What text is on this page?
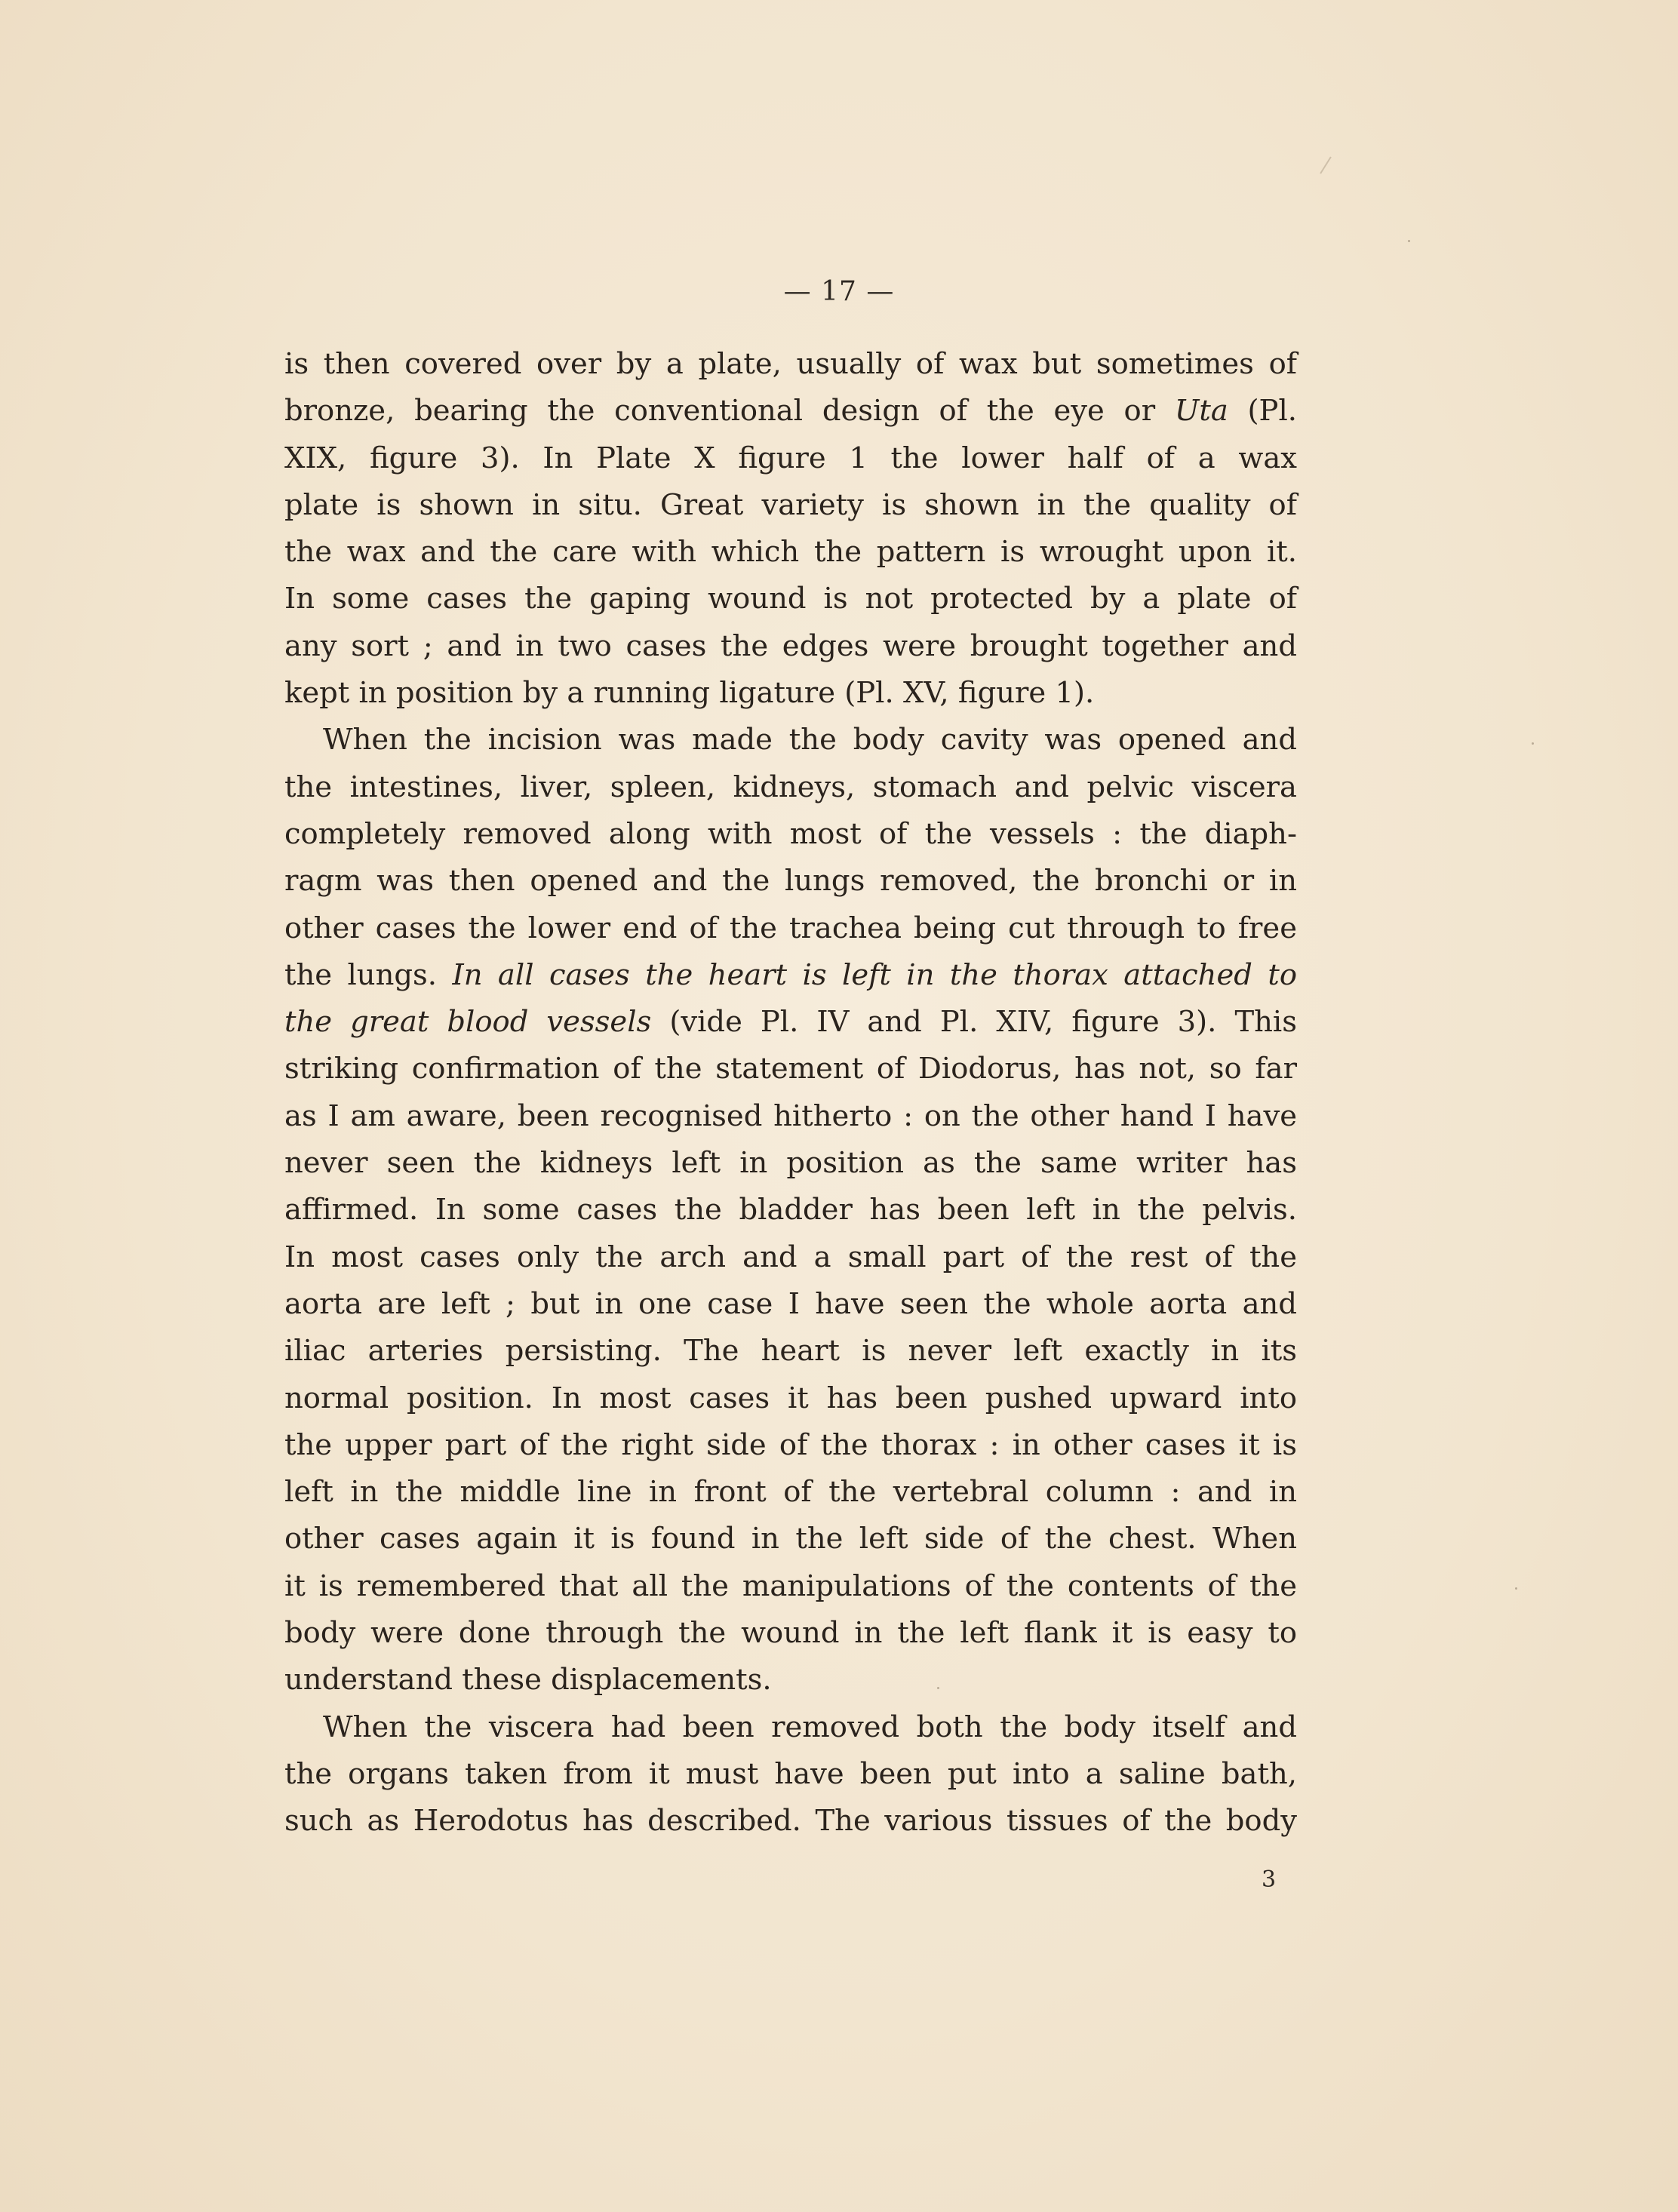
— 17 —
is then covered over by a plate, usually of wax but sometimes of
bronze, bearing the conventional design of the eye or Uta (Pl.
XIX, figure 3). In Plate X figure 1 the lower half of a wax
plate is shown in situ. Great variety is shown in the quality of
the wax and the care with which the pattern is wrought upon it.
In some cases the gaping wound is not protected by a plate of
any sort ; and in two cases the edges were brought together and
kept in position by a running ligature (Pl. XV, figure 1).
When the incision was made the body cavity was opened and
the intestines, liver, spleen, kidneys, stomach and pelvic viscera
completely removed along with most of the vessels : the diaph-
ragm was then opened and the lungs removed, the bronchi or in
other cases the lower end of the trachea being cut through to free
the lungs. In all cases the heart is left in the thorax attached to
the great blood vessels (vide Pl. IV and Pl. XIV, figure 3). This
striking confirmation of the statement of Diodorus, has not, so far
as I am aware, been recognised hitherto : on the other hand I have
never seen the kidneys left in position as the same writer has
affirmed. In some cases the bladder has been left in the pelvis.
In most cases only the arch and a small part of the rest of the
aorta are left ; but in one case I have seen the whole aorta and
iliac arteries persisting. The heart is never left exactly in its
normal position. In most cases it has been pushed upward into
the upper part of the right side of the thorax : in other cases it is
left in the middle line in front of the vertebral column : and in
other cases again it is found in the left side of the chest. When
it is remembered that all the manipulations of the contents of the
body were done through the wound in the left flank it is easy to
understand these displacements.
When the viscera had been removed both the body itself and
the organs taken from it must have been put into a saline bath,
such as Herodotus has described. The various tissues of the body
3
